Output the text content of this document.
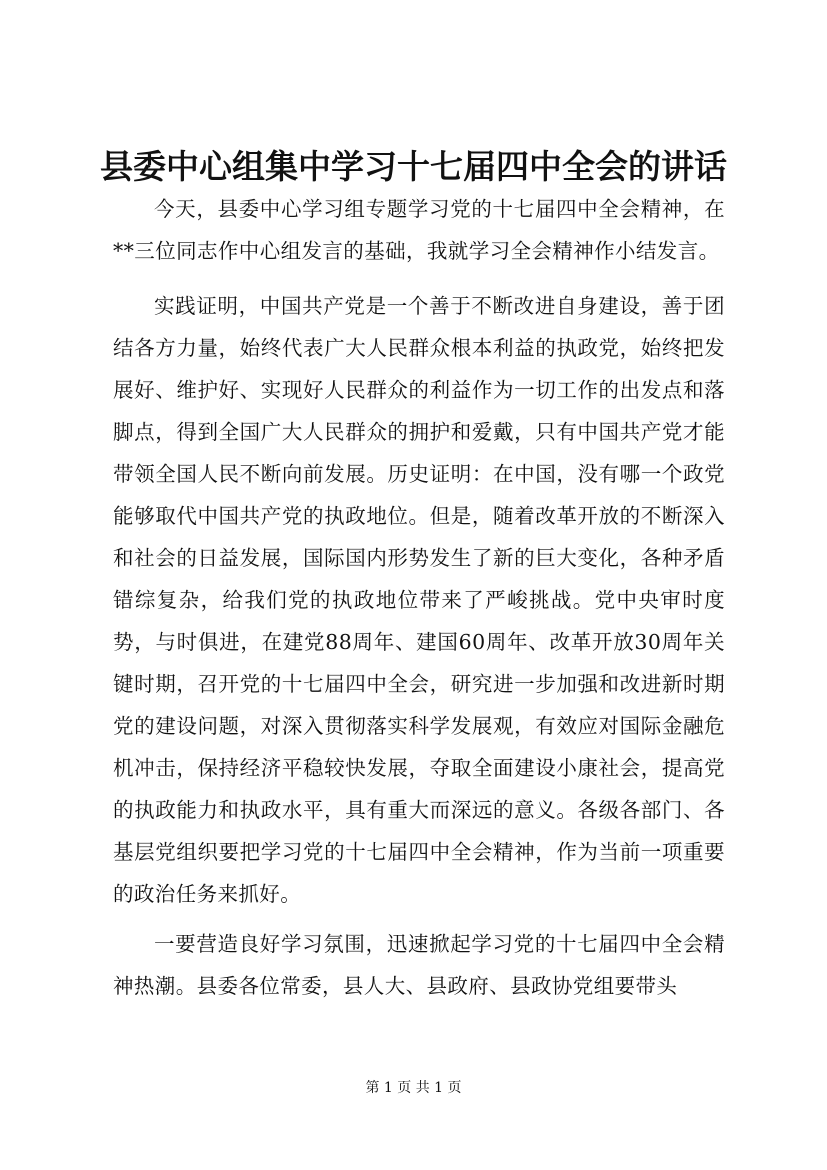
县委中心组集中学习十七届四中全会的讲话

今天，县委中心学习组专题学习党的十七届四中全会精神，在**三位同志作中心组发言的基础，我就学习全会精神作小结发言。

实践证明，中国共产党是一个善于不断改进自身建设，善于团结各方力量，始终代表广大人民群众根本利益的执政党，始终把发展好、维护好、实现好人民群众的利益作为一切工作的出发点和落脚点，得到全国广大人民群众的拥护和爱戴，只有中国共产党才能带领全国人民不断向前发展。历史证明：在中国，没有哪一个政党能够取代中国共产党的执政地位。但是，随着改革开放的不断深入和社会的日益发展，国际国内形势发生了新的巨大变化，各种矛盾错综复杂，给我们党的执政地位带来了严峻挑战。党中央审时度势，与时俱进，在建党88周年、建国60周年、改革开放30周年关键时期，召开党的十七届四中全会，研究进一步加强和改进新时期党的建设问题，对深入贯彻落实科学发展观，有效应对国际金融危机冲击，保持经济平稳较快发展，夺取全面建设小康社会，提高党的执政能力和执政水平，具有重大而深远的意义。各级各部门、各基层党组织要把学习党的十七届四中全会精神，作为当前一项重要的政治任务来抓好。

一要营造良好学习氛围，迅速掀起学习党的十七届四中全会精神热潮。县委各位常委，县人大、县政府、县政协党组要带头

第 1 页 共 1 页
